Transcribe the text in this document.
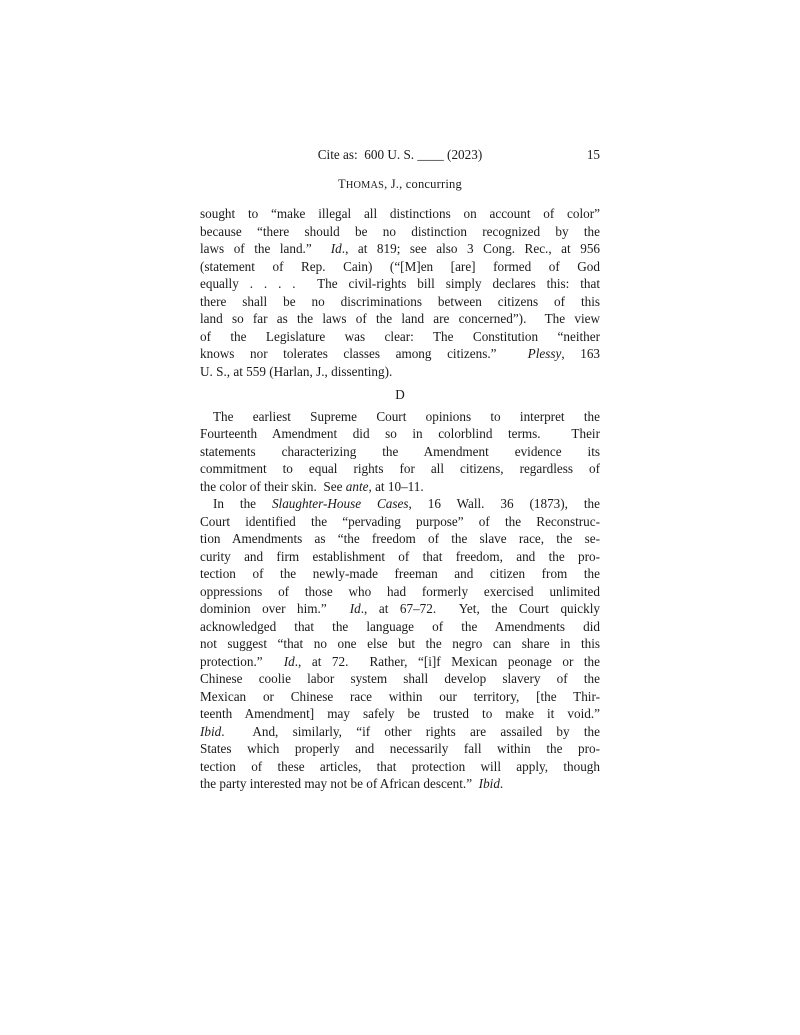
Cite as:  600 U. S. ____ (2023)	15
THOMAS, J., concurring
sought to “make illegal all distinctions on account of color”
because “there should be no distinction recognized by the
laws of the land.”  Id., at 819; see also 3 Cong. Rec., at 956
(statement of Rep. Cain) (“[M]en [are] formed of God
equally . . . .  The civil-rights bill simply declares this: that
there shall be no discriminations between citizens of this
land so far as the laws of the land are concerned”).  The view
of the Legislature was clear: The Constitution “neither
knows nor tolerates classes among citizens.”  Plessy, 163
U. S., at 559 (Harlan, J., dissenting).
D
The earliest Supreme Court opinions to interpret the
Fourteenth Amendment did so in colorblind terms.  Their
statements characterizing the Amendment evidence its
commitment to equal rights for all citizens, regardless of
the color of their skin.  See ante, at 10–11.
In the Slaughter-House Cases, 16 Wall. 36 (1873), the
Court identified the “pervading purpose” of the Reconstruc-
tion Amendments as “the freedom of the slave race, the se-
curity and firm establishment of that freedom, and the pro-
tection of the newly-made freeman and citizen from the
oppressions of those who had formerly exercised unlimited
dominion over him.”  Id., at 67–72.  Yet, the Court quickly
acknowledged that the language of the Amendments did
not suggest “that no one else but the negro can share in this
protection.”  Id., at 72.  Rather, “[i]f Mexican peonage or the
Chinese coolie labor system shall develop slavery of the
Mexican or Chinese race within our territory, [the Thir-
teenth Amendment] may safely be trusted to make it void.”
Ibid.  And, similarly, “if other rights are assailed by the
States which properly and necessarily fall within the pro-
tection of these articles, that protection will apply, though
the party interested may not be of African descent.”  Ibid.
